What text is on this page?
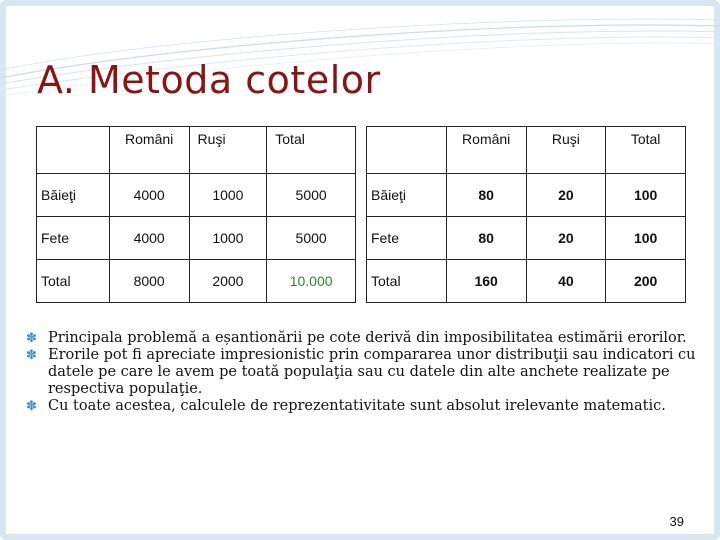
A. Metoda cotelor

	Români	Ruşi	Total

Băieţi	4000	1000	5000
Fete	4000	1000	5000
Total	8000	2000	10.000

	Români	Ruşi	Total

Băieţi	80	20	100
Fete	80	20	100
Total	160	40	200
✽ Principala problemă a eșantionării pe cote derivă din imposibilitatea estimării erorilor.
✽ Erorile pot fi apreciate impresionistic prin compararea unor distribuţii sau indicatori cu datele pe care le avem pe toată populaţia sau cu datele din alte anchete realizate pe respectiva populaţie.
✽ Cu toate acestea, calculele de reprezentativitate sunt absolut irelevante matematic.
39
